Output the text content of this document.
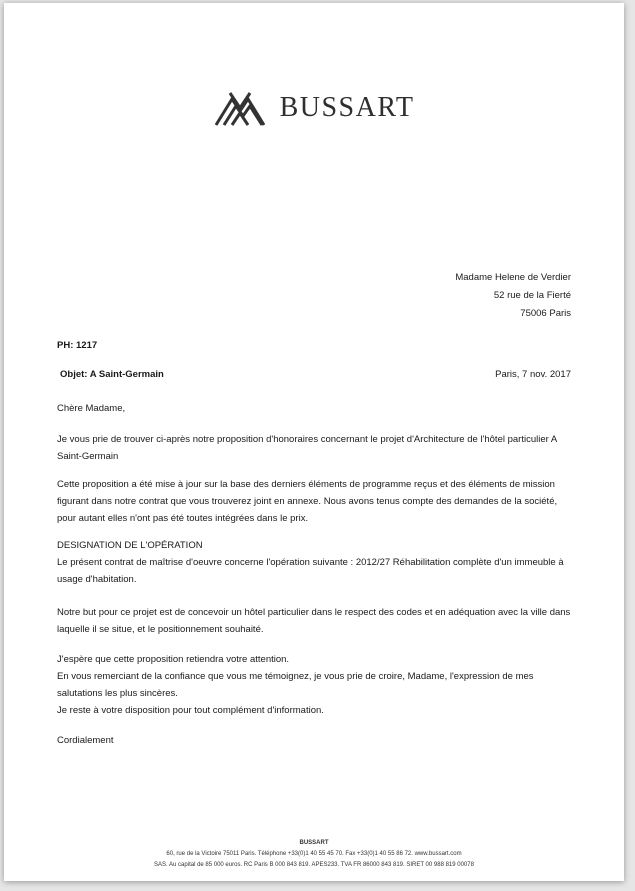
BUSSART
Madame Helene de Verdier
52 rue de la Fierté
75006 Paris
PH: 1217
Objet: A Saint-Germain	Paris, 7 nov. 2017
Chère Madame,
Je vous prie de trouver ci-après notre proposition d'honoraires concernant le projet d'Architecture de l'hôtel particulier A Saint-Germain
Cette proposition a été mise à jour sur la base des derniers éléments de programme reçus et des éléments de mission figurant dans notre contrat que vous trouverez joint en annexe. Nous avons tenus compte des demandes de la société, pour autant elles n'ont pas été toutes intégrées dans le prix.
DESIGNATION DE L'OPÉRATION
Le présent contrat de maîtrise d'oeuvre concerne l'opération suivante : 2012/27 Réhabilitation complète d'un immeuble à usage d'habitation.
Notre but pour ce projet est de concevoir un hôtel particulier dans le respect des codes et en adéquation avec la ville dans laquelle il se situe, et le positionnement souhaité.
J'espère que cette proposition retiendra votre attention.
En vous remerciant de la confiance que vous me témoignez, je vous prie de croire, Madame, l'expression de mes salutations les plus sincères.
Je reste à votre disposition pour tout complément d'information.
Cordialement
BUSSART
60, rue de la Victoire 75011 Paris. Téléphone +33(0)1 40 55 45 70. Fax +33(0)1 40 55 86 72. www.bussart.com
SAS. Au capital de 85 000 euros. RC Paris B 000 843 819. APES233. TVA FR 86000 843 819. SIRET 00 988 819 00078
